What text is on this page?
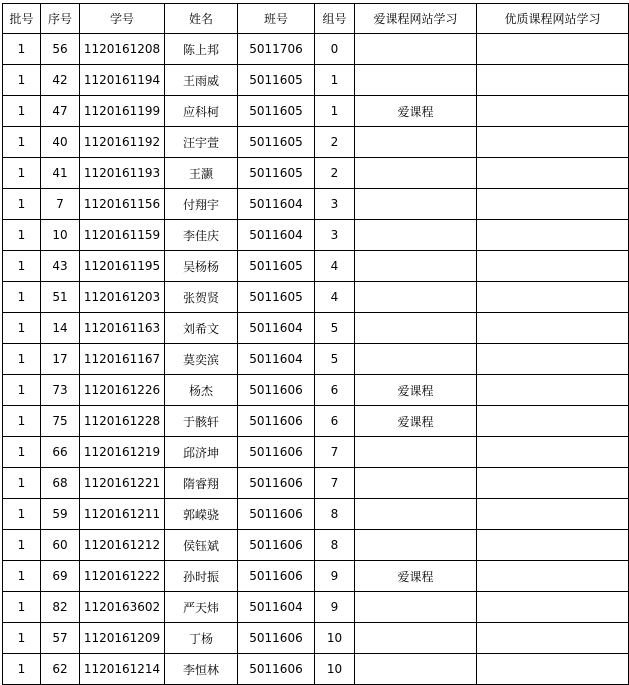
批号	序号	学号	姓名	班号	组号	爱课程网站学习	优质课程网站学习
1	56	1120161208	陈上邦	5011706	0		
1	42	1120161194	王雨威	5011605	1		
1	47	1120161199	应科柯	5011605	1	爱课程	
1	40	1120161192	汪宇萱	5011605	2		
1	41	1120161193	王灏	5011605	2		
1	7	1120161156	付翔宇	5011604	3		
1	10	1120161159	李佳庆	5011604	3		
1	43	1120161195	吴杨杨	5011605	4		
1	51	1120161203	张贺贤	5011605	4		
1	14	1120161163	刘希文	5011604	5		
1	17	1120161167	莫奕滨	5011604	5		
1	73	1120161226	杨杰	5011606	6	爱课程	
1	75	1120161228	于骸轩	5011606	6	爱课程	
1	66	1120161219	邱济坤	5011606	7		
1	68	1120161221	隋睿翔	5011606	7		
1	59	1120161211	郭嵘骁	5011606	8		
1	60	1120161212	侯钰斌	5011606	8		
1	69	1120161222	孙时振	5011606	9	爱课程	
1	82	1120163602	严天炜	5011604	9		
1	57	1120161209	丁杨	5011606	10		
1	62	1120161214	李恒林	5011606	10		
